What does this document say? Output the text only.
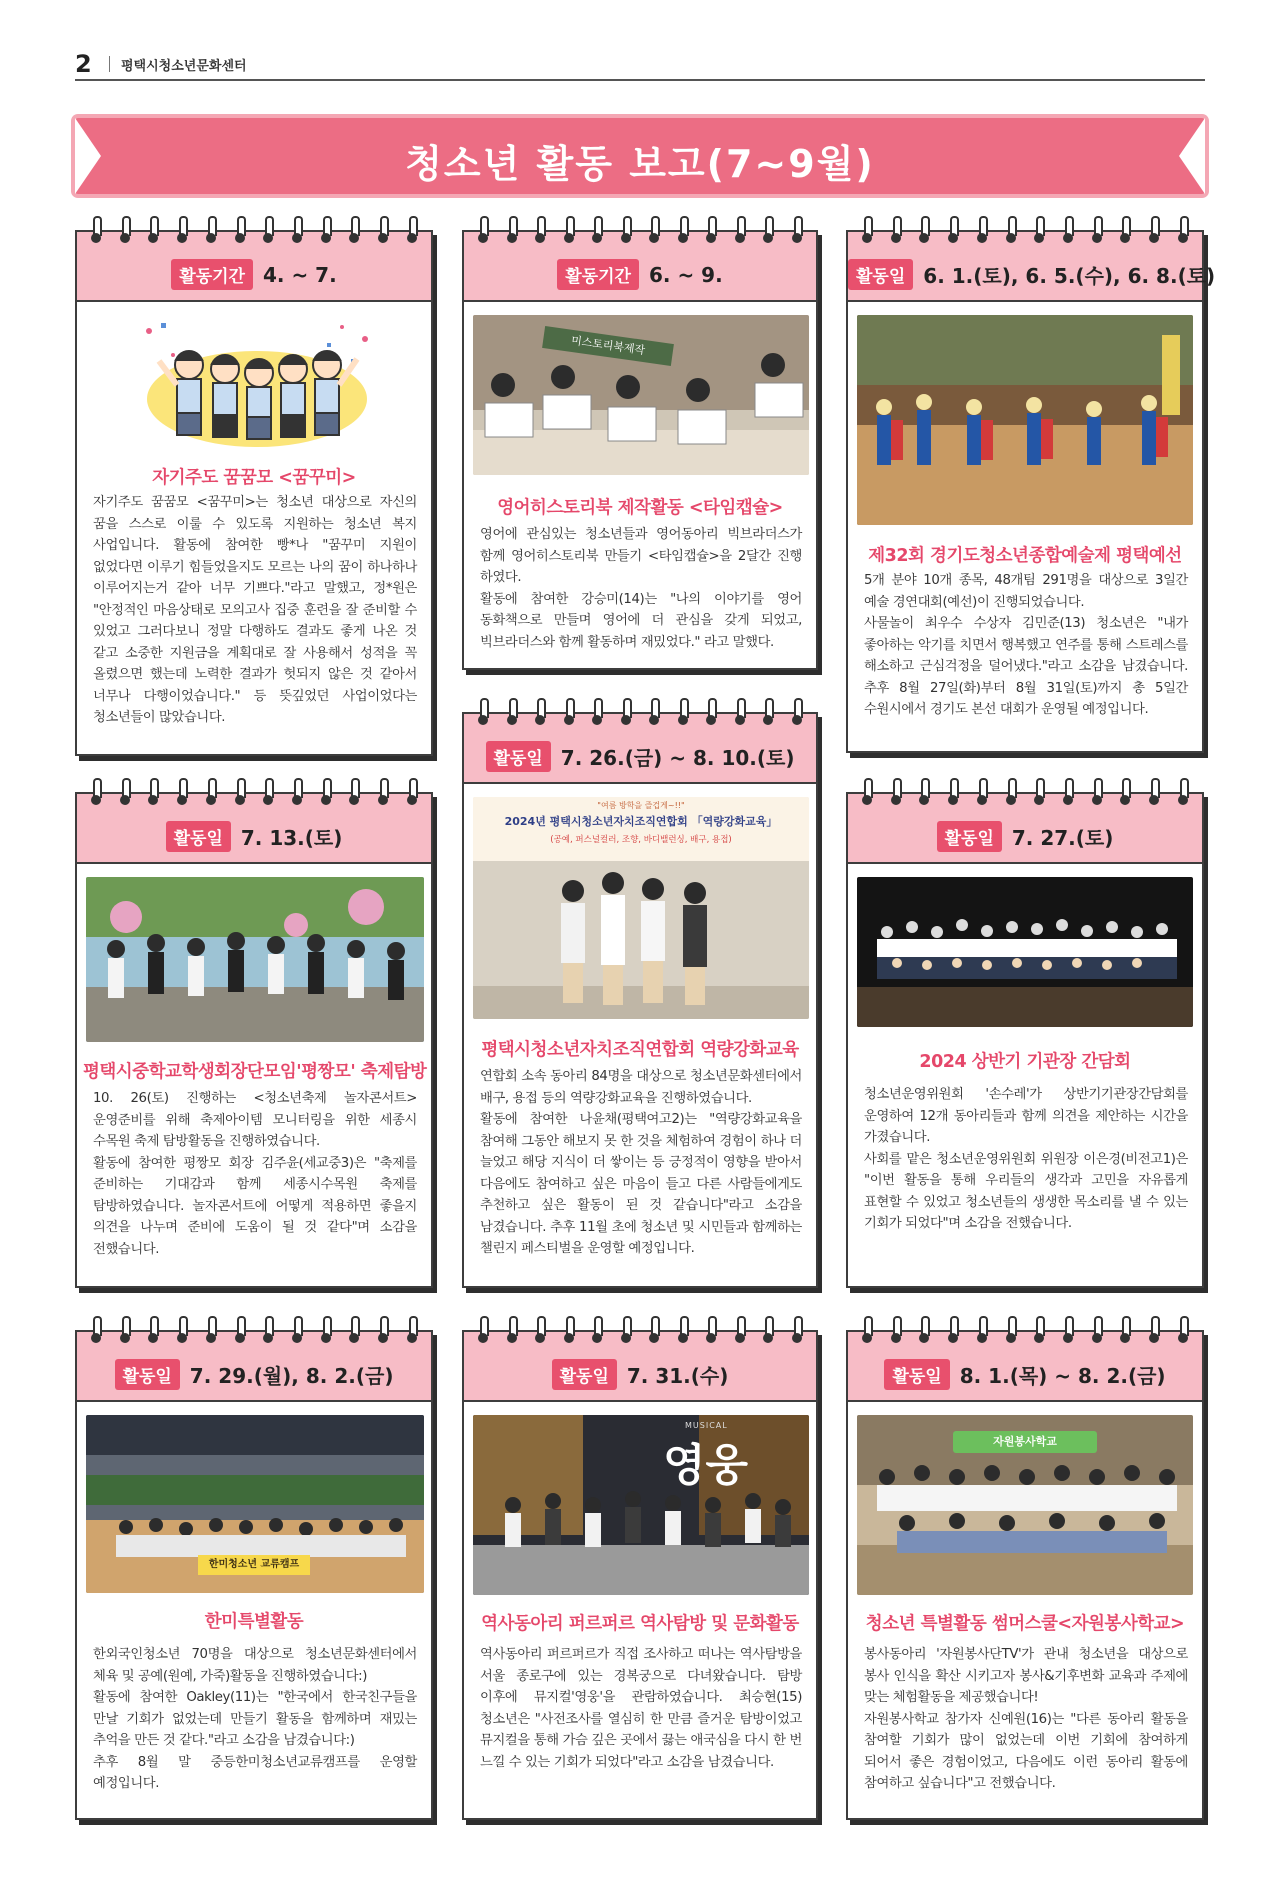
2 평택시청소년문화센터
청소년 활동 보고(7~9월)
활동기간 4. ~ 7.
자기주도 꿈꿈모 <꿈꾸미>
자기주도 꿈꿈모 <꿈꾸미>는 청소년 대상으로 자신의 꿈을 스스로 이룰 수 있도록 지원하는 청소년 복지 사업입니다. 활동에 참여한 빵*나 "꿈꾸미 지원이 없었다면 이루기 힘들었을지도 모르는 나의 꿈이 하나하나 이루어지는거 같아 너무 기쁘다."라고 말했고, 정*원은 "안정적인 마음상태로 모의고사 집중 훈련을 잘 준비할 수 있었고 그러다보니 정말 다행하도 결과도 좋게 나온 것 같고 소중한 지원금을 계획대로 잘 사용해서 성적을 꼭 올렸으면 했는데 노력한 결과가 헛되지 않은 것 같아서 너무나 다행이었습니다." 등 뜻깊었던 사업이었다는 청소년들이 많았습니다.
활동기간 6. ~ 9.
미스토리북제작
영어히스토리북 제작활동 <타임캡슐>
영어에 관심있는 청소년들과 영어동아리 빅브라더스가 함께 영어히스토리북 만들기 <타임캡슐>을 2달간 진행 하였다.
활동에 참여한 강승미(14)는 "나의 이야기를 영어 동화책으로 만들며 영어에 더 관심을 갖게 되었고, 빅브라더스와 함께 활동하며 재밌었다." 라고 말했다.
활동일 6. 1.(토), 6. 5.(수), 6. 8.(토)
제32회 경기도청소년종합예술제 평택예선
5개 분야 10개 종목, 48개팀 291명을 대상으로 3일간 예술 경연대회(예선)이 진행되었습니다.
사물놀이 최우수 수상자 김민준(13) 청소년은 "내가 좋아하는 악기를 치면서 행복했고 연주를 통해 스트레스를 해소하고 근심걱정을 덜어냈다."라고 소감을 남겼습니다. 추후 8월 27일(화)부터 8월 31일(토)까지 총 5일간 수원시에서 경기도 본선 대회가 운영될 예정입니다.
활동일 7. 26.(금) ~ 8. 10.(토)
"여름 방학을 즐겁게~!!"
2024년 평택시청소년자치조직연합회 「역량강화교육」
(공예, 퍼스널컬러, 조향, 바디밸런싱, 배구, 용접)
평택시청소년자치조직연합회 역량강화교육
연합회 소속 동아리 84명을 대상으로 청소년문화센터에서 배구, 용접 등의 역량강화교육을 진행하였습니다.
활동에 참여한 나윤채(평택여고2)는 "역량강화교육을 참여해 그동안 해보지 못 한 것을 체험하여 경험이 하나 더 늘었고 해당 지식이 더 쌓이는 등 긍정적이 영향을 받아서 다음에도 참여하고 싶은 마음이 들고 다른 사람들에게도 추천하고 싶은 활동이 된 것 같습니다"라고 소감을 남겼습니다. 추후 11월 초에 청소년 및 시민들과 함께하는 챌린지 페스티벌을 운영할 예정입니다.
활동일 7. 13.(토)
평택시중학교학생회장단모임'평짱모' 축제탐방
10. 26(토) 진행하는 <청소년축제 놀자콘서트> 운영준비를 위해 축제아이템 모니터링을 위한 세종시 수목원 축제 탐방활동을 진행하였습니다.
활동에 참여한 평짱모 회장 김주윤(세교중3)은 "축제를 준비하는 기대감과 함께 세종시수목원 축제를 탐방하였습니다. 놀자콘서트에 어떻게 적용하면 좋을지 의견을 나누며 준비에 도움이 될 것 같다"며 소감을 전했습니다.
활동일 7. 27.(토)
2024 상반기 기관장 간담회
청소년운영위원회 '손수레'가 상반기기관장간담회를 운영하여 12개 동아리들과 함께 의견을 제안하는 시간을 가졌습니다.
사회를 맡은 청소년운영위원회 위원장 이은경(비전고1)은 "이번 활동을 통해 우리들의 생각과 고민을 자유롭게 표현할 수 있었고 청소년들의 생생한 목소리를 낼 수 있는 기회가 되었다"며 소감을 전했습니다.
활동일 7. 29.(월), 8. 2.(금)
한미청소년 교류캠프
한미특별활동
한외국인청소년 70명을 대상으로 청소년문화센터에서 체육 및 공예(원예, 가죽)활동을 진행하였습니다:)
활동에 참여한 Oakley(11)는 "한국에서 한국친구들을 만날 기회가 없었는데 만들기 활동을 함께하며 재밌는 추억을 만든 것 같다."라고 소감을 남겼습니다:)
추후 8월 말 중등한미청소년교류캠프를 운영할 예정입니다.
활동일 7. 31.(수)
MUSICAL
영웅
역사동아리 퍼르퍼르 역사탐방 및 문화활동
역사동아리 퍼르퍼르가 직접 조사하고 떠나는 역사탐방을 서울 종로구에 있는 경복궁으로 다녀왔습니다. 탐방 이후에 뮤지컬'영웅'을 관람하였습니다. 최승현(15) 청소년은 "사전조사를 열심히 한 만큼 즐거운 탐방이었고 뮤지컬을 통해 가슴 깊은 곳에서 끓는 애국심을 다시 한 번 느낄 수 있는 기회가 되었다"라고 소감을 남겼습니다.
활동일 8. 1.(목) ~ 8. 2.(금)
자원봉사학교
청소년 특별활동 썸머스쿨<자원봉사학교>
봉사동아리 '자원봉사단TV'가 관내 청소년을 대상으로 봉사 인식을 확산 시키고자 봉사&기후변화 교육과 주제에 맞는 체험활동을 제공했습니다!
자원봉사학교 참가자 신예원(16)는 "다른 동아리 활동을 참여할 기회가 많이 없었는데 이번 기회에 참여하게 되어서 좋은 경험이었고, 다음에도 이런 동아리 활동에 참여하고 싶습니다"고 전했습니다.
